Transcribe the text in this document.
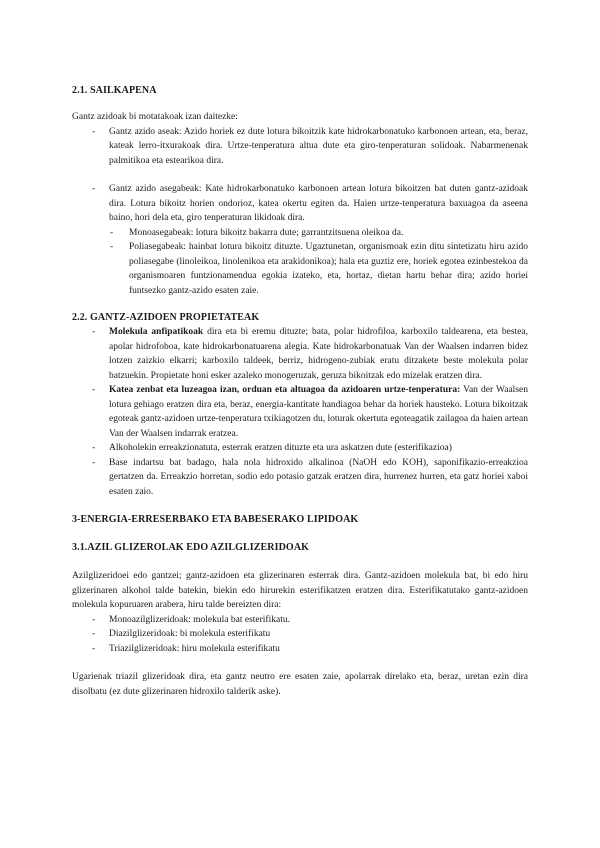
2.1. SAILKAPENA

Gantz azidoak bi motatakoak izan daitezke:

- Gantz azido aseak: Azido horiek ez dute lotura bikoitzik kate hidrokarbonatuko karbonoen artean, eta, beraz, kateak lerro-itxurakoak dira. Urtze-tenperatura altua dute eta giro-tenperaturan solidoak. Nabarmenenak palmitikoa eta estearikoa dira.
- Gantz azido asegabeak: Kate hidrokarbonatuko karbonoen artean lotura bikoitzen bat duten gantz-azidoak dira. Lotura bikoitz horien ondorioz, katea okertu egiten da. Haien urtze-tenperatura baxuagoa da aseena baino, hori dela eta, giro tenperaturan likidoak dira.
- Monoasegabeak: lotura bikoitz bakarra dute; garrantzitsuena oleikoa da.
- Poliasegabeak: hainbat lotura bikoitz dituzte. Ugaztunetan, organismoak ezin ditu sintetizatu hiru azido poliasegabe (linoleikoa, linolenikoa eta arakidonikoa); hala eta guztiz ere, horiek egotea ezinbestekoa da organismoaren funtzionamendua egokia izateko, eta, hortaz, dietan hartu behar dira; azido horiei funtsezko gantz-azido esaten zaie.
2.2. GANTZ-AZIDOEN PROPIETATEAK
- Molekula anfipatikoak dira eta bi eremu dituzte; bata, polar hidrofiloa, karboxilo taldearena, eta bestea, apolar hidrofoboa, kate hidrokarbonatuarena alegia. Kate hidrokarbonatuak Van der Waalsen indarren bidez lotzen zaizkio elkarri; karboxilo taldeek, berriz, hidrogeno-zubiak eratu ditzakete beste molekula polar batzuekin. Propietate honi esker azaleko monogeruzak, geruza bikoitzak edo mizelak eratzen dira.
- Katea zenbat eta luzeagoa izan, orduan eta altuagoa da azidoaren urtze-tenperatura: Van der Waalsen lotura gehiago eratzen dira eta, beraz, energia-kantitate handiagoa behar da horiek hausteko. Lotura bikoitzak egoteak gantz-azidoen urtze-tenperatura txikiagotzen du, loturak okertuta egoteagatik zailagoa da haien artean Van der Waalsen indarrak eratzea.
- Alkoholekin erreakzionatuta, esterrak eratzen dituzte eta ura askatzen dute (esterifikazioa)
- Base indartsu bat badago, hala nola hidroxido alkalinoa (NaOH edo KOH), saponifikazio-erreakzioa gertatzen da. Erreakzio horretan, sodio edo potasio gatzak eratzen dira, hurrenez hurren, eta gatz horiei xaboi esaten zaio.
3-ENERGIA-ERRESERBAKO ETA BABESERAKO LIPIDOAK
3.1.AZIL GLIZEROLAK EDO AZILGLIZERIDOAK

Azilglizeridoei edo gantzei; gantz-azidoen eta glizerinaren esterrak dira. Gantz-azidoen molekula bat, bi edo hiru glizerinaren alkohol talde batekin, biekin edo hirurekin esterifikatzen eratzen dira. Esterifikatutako gantz-azidoen molekula kopuruaren arabera, hiru talde bereizten dira:

- Monoazilglizeridoak: molekula bat esterifikatu.
- Diazilglizeridoak: bi molekula esterifikatu
- Triazilglizeridoak: hiru molekula esterifikatu

Ugarienak triazil glizeridoak dira, eta gantz neutro ere esaten zaie, apolarrak direlako eta, beraz, uretan ezin dira disolbatu (ez dute glizerinaren hidroxilo talderik aske).
